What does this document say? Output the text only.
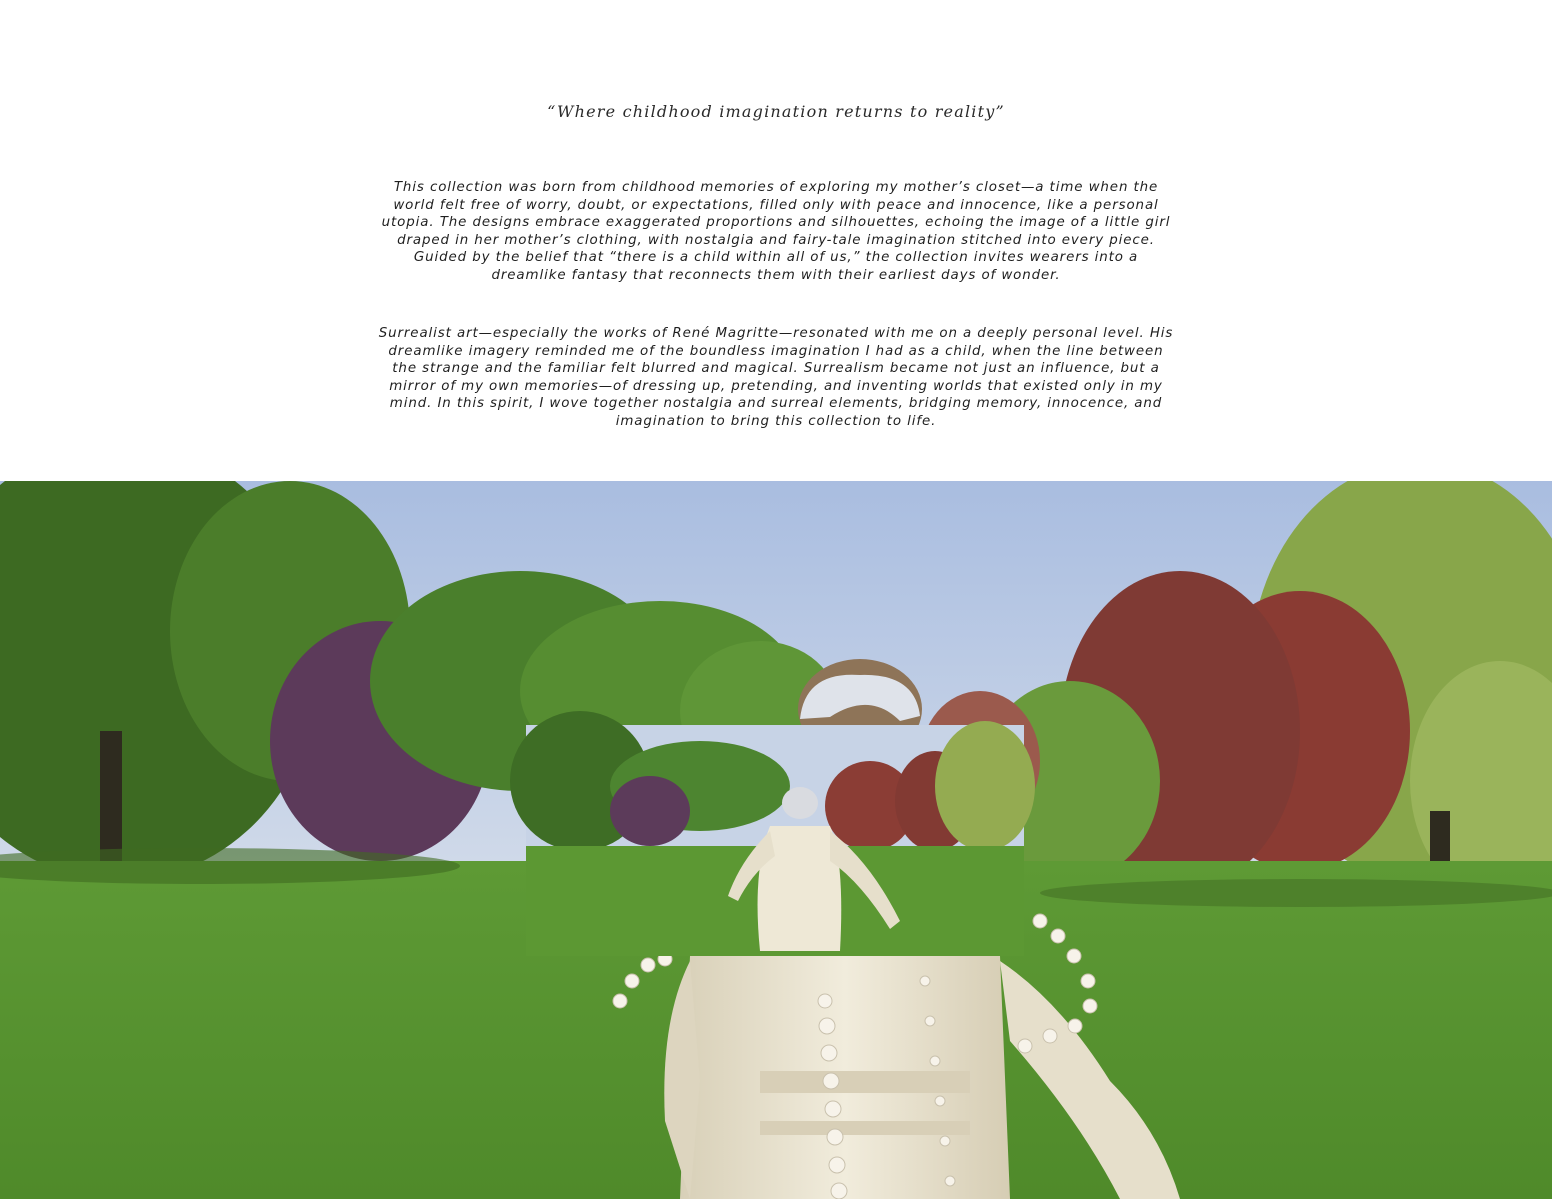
“Where childhood imagination returns to reality”

This collection was born from childhood memories of exploring my mother’s closet—a time when the world felt free of worry, doubt, or expectations, filled only with peace and innocence, like a personal utopia. The designs embrace exaggerated proportions and silhouettes, echoing the image of a little girl draped in her mother’s clothing, with nostalgia and fairy-tale imagination stitched into every piece. Guided by the belief that “there is a child within all of us,” the collection invites wearers into a dreamlike fantasy that reconnects them with their earliest days of wonder.

Surrealist art—especially the works of René Magritte—resonated with me on a deeply personal level. His dreamlike imagery reminded me of the boundless imagination I had as a child, when the line between the strange and the familiar felt blurred and magical. Surrealism became not just an influence, but a mirror of my own memories—of dressing up, pretending, and inventing worlds that existed only in my mind. In this spirit, I wove together nostalgia and surreal elements, bridging memory, innocence, and imagination to bring this collection to life.
